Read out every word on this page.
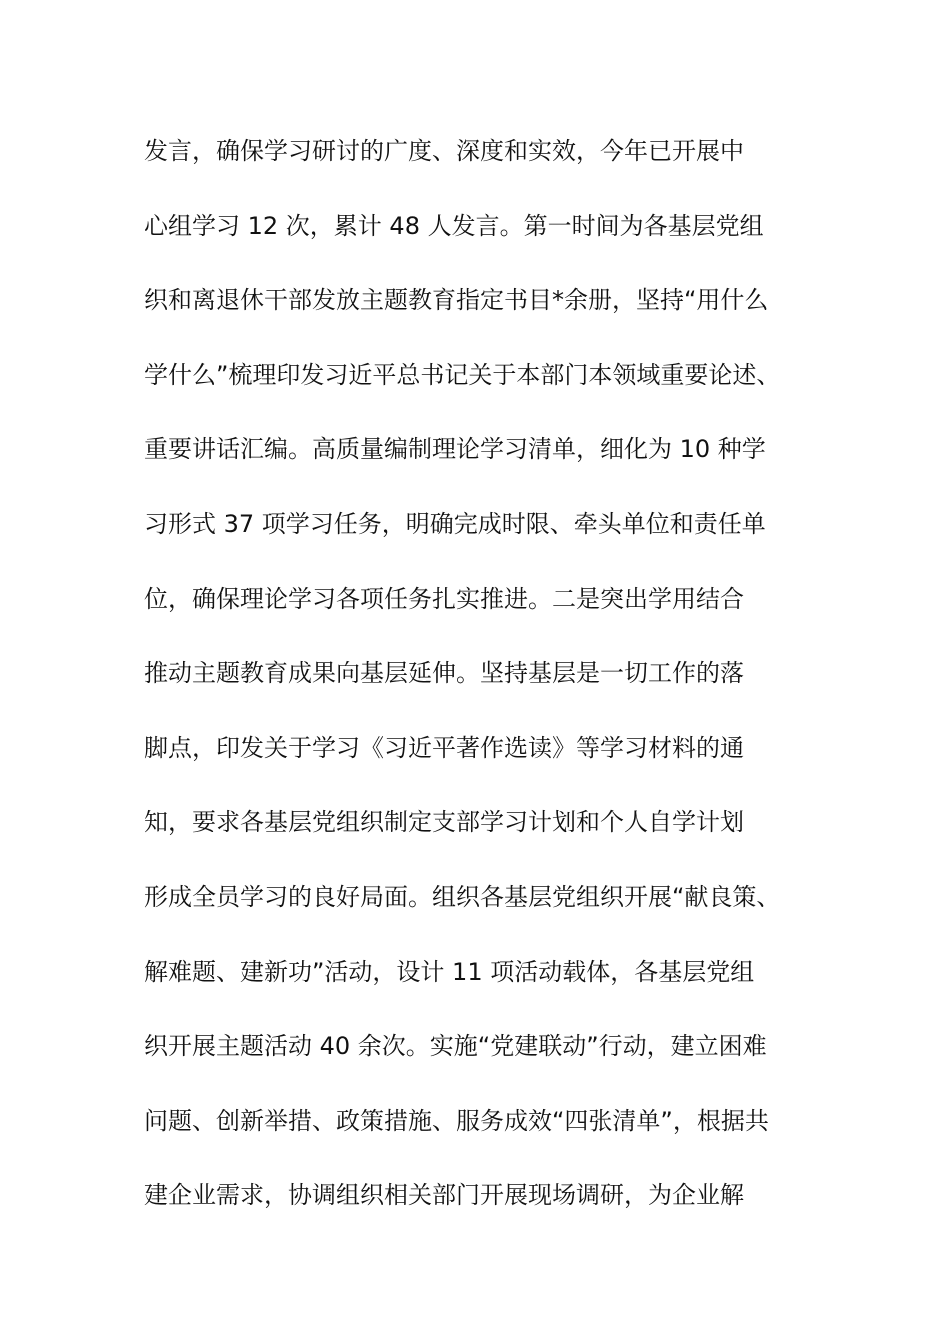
发言，确保学习研讨的广度、深度和实效，今年已开展中
心组学习 12 次，累计 48 人发言。第一时间为各基层党组
织和离退休干部发放主题教育指定书目*余册，坚持“用什么
学什么”梳理印发习近平总书记关于本部门本领域重要论述、
重要讲话汇编。高质量编制理论学习清单，细化为 10 种学
习形式 37 项学习任务，明确完成时限、牵头单位和责任单
位，确保理论学习各项任务扎实推进。二是突出学用结合
推动主题教育成果向基层延伸。坚持基层是一切工作的落
脚点，印发关于学习《习近平著作选读》等学习材料的通
知，要求各基层党组织制定支部学习计划和个人自学计划
形成全员学习的良好局面。组织各基层党组织开展“献良策、
解难题、建新功”活动，设计 11 项活动载体，各基层党组
织开展主题活动 40 余次。实施“党建联动”行动，建立困难
问题、创新举措、政策措施、服务成效“四张清单”，根据共
建企业需求，协调组织相关部门开展现场调研，为企业解
